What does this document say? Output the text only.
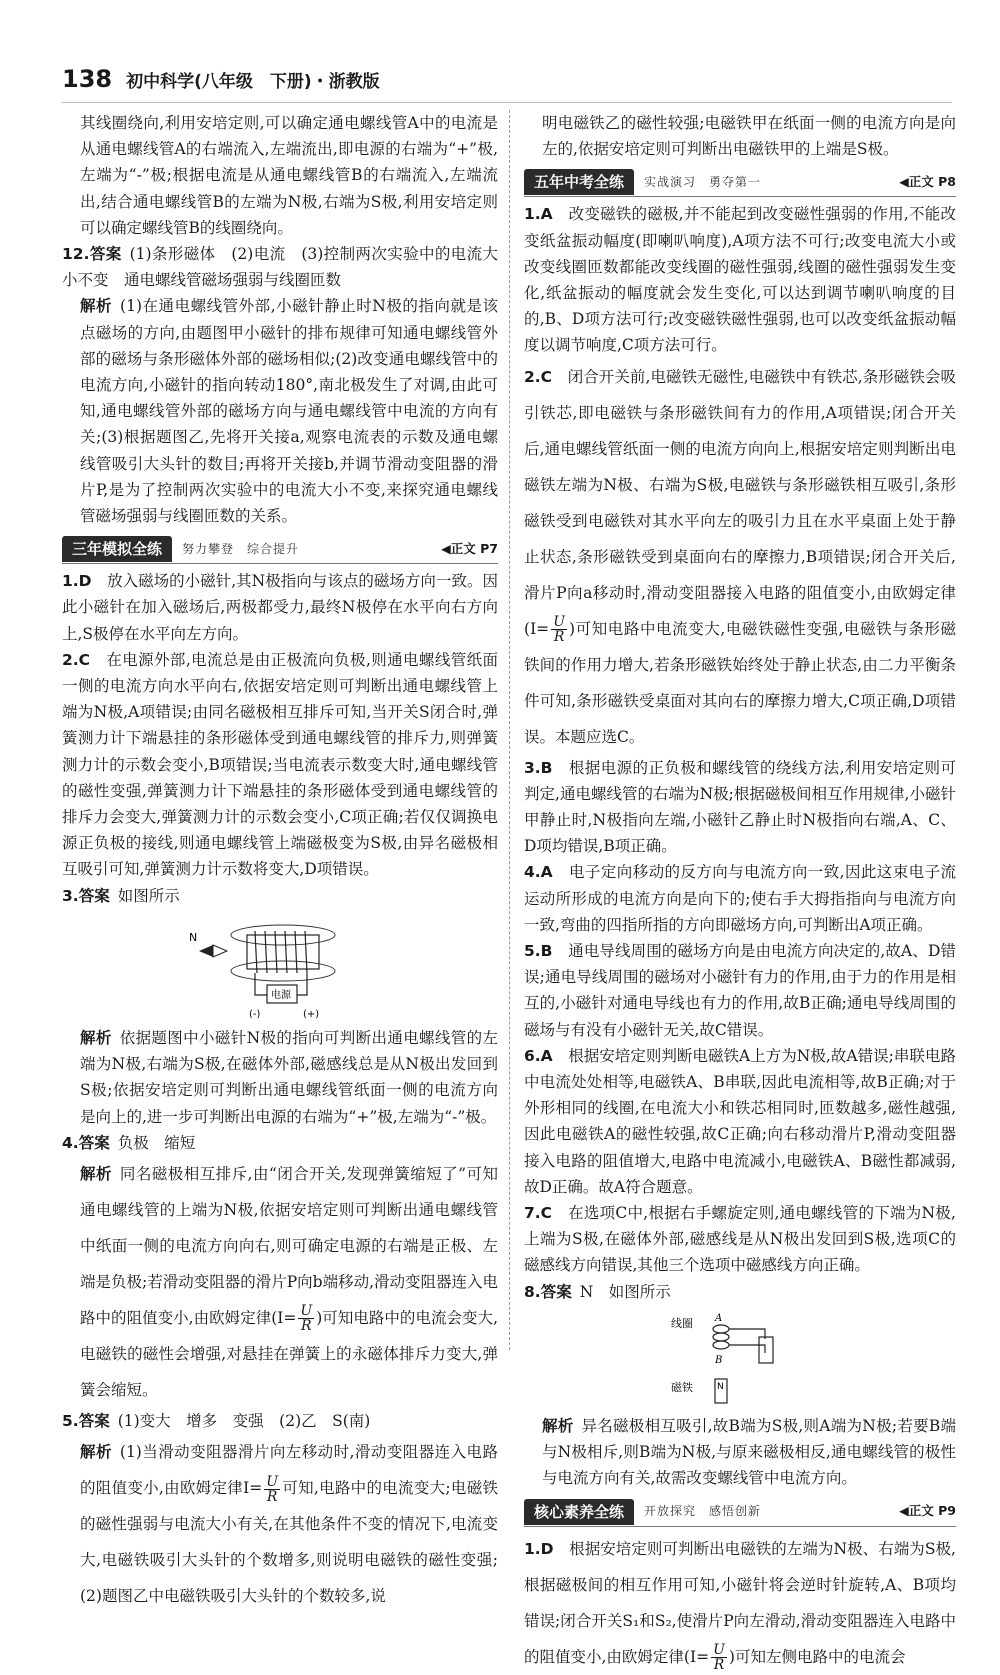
138 初中科学(八年级　下册)・浙教版

其线圈绕向,利用安培定则,可以确定通电螺线管A中的电流是从通电螺线管A的右端流入,左端流出,即电源的右端为“+”极,左端为“-”极;根据电流是从通电螺线管B的右端流入,左端流出,结合通电螺线管B的左端为N极,右端为S极,利用安培定则可以确定螺线管B的线圈绕向。

12.答案 (1)条形磁体　(2)电流　(3)控制两次实验中的电流大小不变　通电螺线管磁场强弱与线圈匝数

解析 (1)在通电螺线管外部,小磁针静止时N极的指向就是该点磁场的方向,由题图甲小磁针的排布规律可知通电螺线管外部的磁场与条形磁体外部的磁场相似;(2)改变通电螺线管中的电流方向,小磁针的指向转动180°,南北极发生了对调,由此可知,通电螺线管外部的磁场方向与通电螺线管中电流的方向有关;(3)根据题图乙,先将开关接a,观察电流表的示数及通电螺线管吸引大头针的数目;再将开关接b,并调节滑动变阻器的滑片P,是为了控制两次实验中的电流大小不变,来探究通电螺线管磁场强弱与线圈匝数的关系。

三年模拟全练	努力攀登　综合提升	◀正文 P7

1.D　 放入磁场的小磁针,其N极指向与该点的磁场方向一致。因此小磁针在加入磁场后,两极都受力,最终N极停在水平向右方向上,S极停在水平向左方向。

2.C　 在电源外部,电流总是由正极流向负极,则通电螺线管纸面一侧的电流方向水平向右,依据安培定则可判断出通电螺线管上端为N极,A项错误;由同名磁极相互排斥可知,当开关S闭合时,弹簧测力计下端悬挂的条形磁体受到通电螺线管的排斥力,则弹簧测力计的示数会变小,B项错误;当电流表示数变大时,通电螺线管的磁性变强,弹簧测力计下端悬挂的条形磁体受到通电螺线管的排斥力会变大,弹簧测力计的示数会变小,C项正确;若仅仅调换电源正负极的接线,则通电螺线管上端磁极变为S极,由异名磁极相互吸引可知,弹簧测力计示数将变大,D项错误。

3.答案 如图所示

N
电源
(-)	(+)

解析 依据题图中小磁针N极的指向可判断出通电螺线管的左端为N极,右端为S极,在磁体外部,磁感线总是从N极出发回到S极;依据安培定则可判断出通电螺线管纸面一侧的电流方向是向上的,进一步可判断出电源的右端为“+”极,左端为“-”极。

4.答案 负极　缩短

解析 同名磁极相互排斥,由“闭合开关,发现弹簧缩短了”可知通电螺线管的上端为N极,依据安培定则可判断出通电螺线管中纸面一侧的电流方向向右,则可确定电源的右端是正极、左端是负极;若滑动变阻器的滑片P向b端移动,滑动变阻器连入电路中的阻值变小,由欧姆定律($I= \frac{U}{R}$ )可知电路中的电流会变大,电磁铁的磁性会增强,对悬挂在弹簧上的永磁体排斥力变大,弹簧会缩短。

5.答案 (1)变大　增多　变强　(2)乙　S(南)

解析 (1)当滑动变阻器滑片向左移动时,滑动变阻器连入电路的阻值变小,由欧姆定律$I= \frac{U}{R}$ 可知,电路中的电流变大;电磁铁的磁性强弱与电流大小有关,在其他条件不变的情况下,电流变大,电磁铁吸引大头针的个数增多,则说明电磁铁的磁性变强;(2)题图乙中电磁铁吸引大头针的个数较多,说

明电磁铁乙的磁性较强;电磁铁甲在纸面一侧的电流方向是向左的,依据安培定则可判断出电磁铁甲的上端是S极。

五年中考全练	实战演习　勇夺第一	◀正文 P8

1.A　 改变磁铁的磁极,并不能起到改变磁性强弱的作用,不能改变纸盆振动幅度(即喇叭响度),A项方法不可行;改变电流大小或改变线圈匝数都能改变线圈的磁性强弱,线圈的磁性强弱发生变化,纸盆振动的幅度就会发生变化,可以达到调节喇叭响度的目的,B、D项方法可行;改变磁铁磁性强弱,也可以改变纸盆振动幅度以调节响度,C项方法可行。

2.C　 闭合开关前,电磁铁无磁性,电磁铁中有铁芯,条形磁铁会吸引铁芯,即电磁铁与条形磁铁间有力的作用,A项错误;闭合开关后,通电螺线管纸面一侧的电流方向向上,根据安培定则判断出电磁铁左端为N极、右端为S极,电磁铁与条形磁铁相互吸引,条形磁铁受到电磁铁对其水平向左的吸引力且在水平桌面上处于静止状态,条形磁铁受到桌面向右的摩擦力,B项错误;闭合开关后,滑片P向a移动时,滑动变阻器接入电路的阻值变小,由欧姆定律($I= \frac{U}{R}$ )可知电路中电流变大,电磁铁磁性变强,电磁铁与条形磁铁间的作用力增大,若条形磁铁始终处于静止状态,由二力平衡条件可知,条形磁铁受桌面对其向右的摩擦力增大,C项正确,D项错误。本题应选C。

3.B　 根据电源的正负极和螺线管的绕线方法,利用安培定则可判定,通电螺线管的右端为N极;根据磁极间相互作用规律,小磁针甲静止时,N极指向左端,小磁针乙静止时N极指向右端,A、C、D项均错误,B项正确。

4.A　 电子定向移动的反方向与电流方向一致,因此这束电子流运动所形成的电流方向是向下的;使右手大拇指指向与电流方向一致,弯曲的四指所指的方向即磁场方向,可判断出A项正确。

5.B　 通电导线周围的磁场方向是由电流方向决定的,故A、D错误;通电导线周围的磁场对小磁针有力的作用,由于力的作用是相互的,小磁针对通电导线也有力的作用,故B正确;通电导线周围的磁场与有没有小磁针无关,故C错误。

6.A　 根据安培定则判断电磁铁A上方为N极,故A错误;串联电路中电流处处相等,电磁铁A、B串联,因此电流相等,故B正确;对于外形相同的线圈,在电流大小和铁芯相同时,匝数越多,磁性越强,因此电磁铁A的磁性较强,故C正确;向右移动滑片P,滑动变阻器接入电路的阻值增大,电路中电流减小,电磁铁A、B磁性都减弱,故D正确。故A符合题意。

7.C　 在选项C中,根据右手螺旋定则,通电螺线管的下端为N极,上端为S极,在磁体外部,磁感线是从N极出发回到S极,选项C的磁感线方向错误,其他三个选项中磁感线方向正确。

8.答案 N　如图所示

线圈 A
B
磁铁	N

解析 异名磁极相互吸引,故B端为S极,则A端为N极;若要B端与N极相斥,则B端为N极,与原来磁极相反,通电螺线管的极性与电流方向有关,故需改变螺线管中电流方向。

核心素养全练	开放探究　感悟创新	◀正文 P9

1.D　 根据安培定则可判断出电磁铁的左端为N极、右端为S极,根据磁极间的相互作用可知,小磁针将会逆时针旋转,A、B项均错误;闭合开关S₁和S₂,使滑片P向左滑动,滑动变阻器连入电路中的阻值变小,由欧姆定律($I= \frac{U}{R}$ )可知左侧电路中的电流会
